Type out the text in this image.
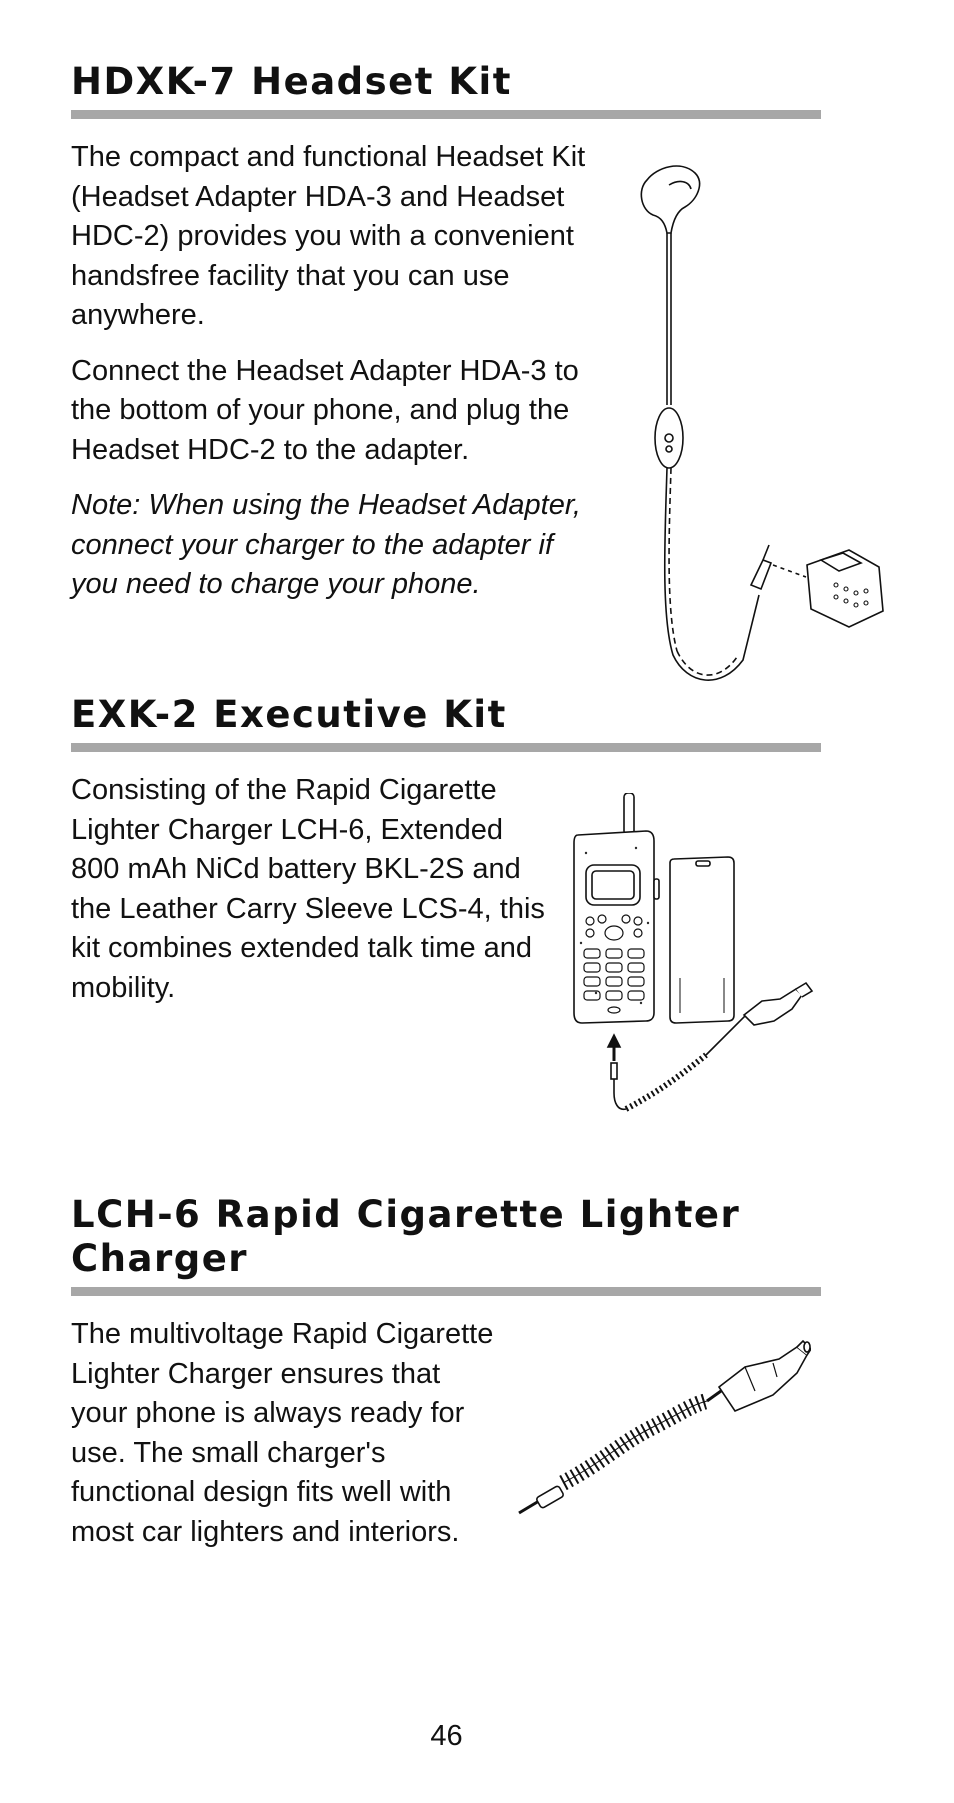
HDXK-7 Headset Kit

The compact and functional Headset Kit (Headset Adapter HDA-3 and Headset HDC-2) provides you with a convenient handsfree facility that you can use anywhere.

Connect the Headset Adapter HDA-3 to the bottom of your phone, and plug the Headset HDC-2 to the adapter.

Note: When using the Headset Adapter, connect your charger to the adapter if you need to charge your phone.

EXK-2 Executive Kit

Consisting of the Rapid Cigarette Lighter Charger LCH-6, Extended 800 mAh NiCd battery BKL-2S and the Leather Carry Sleeve LCS-4, this kit combines extended talk time and mobility.

LCH-6 Rapid Cigarette Lighter Charger

The multivoltage Rapid Cigarette Lighter Charger ensures that your phone is always ready for use. The small charger's functional design fits well with most car lighters and interiors.

46
